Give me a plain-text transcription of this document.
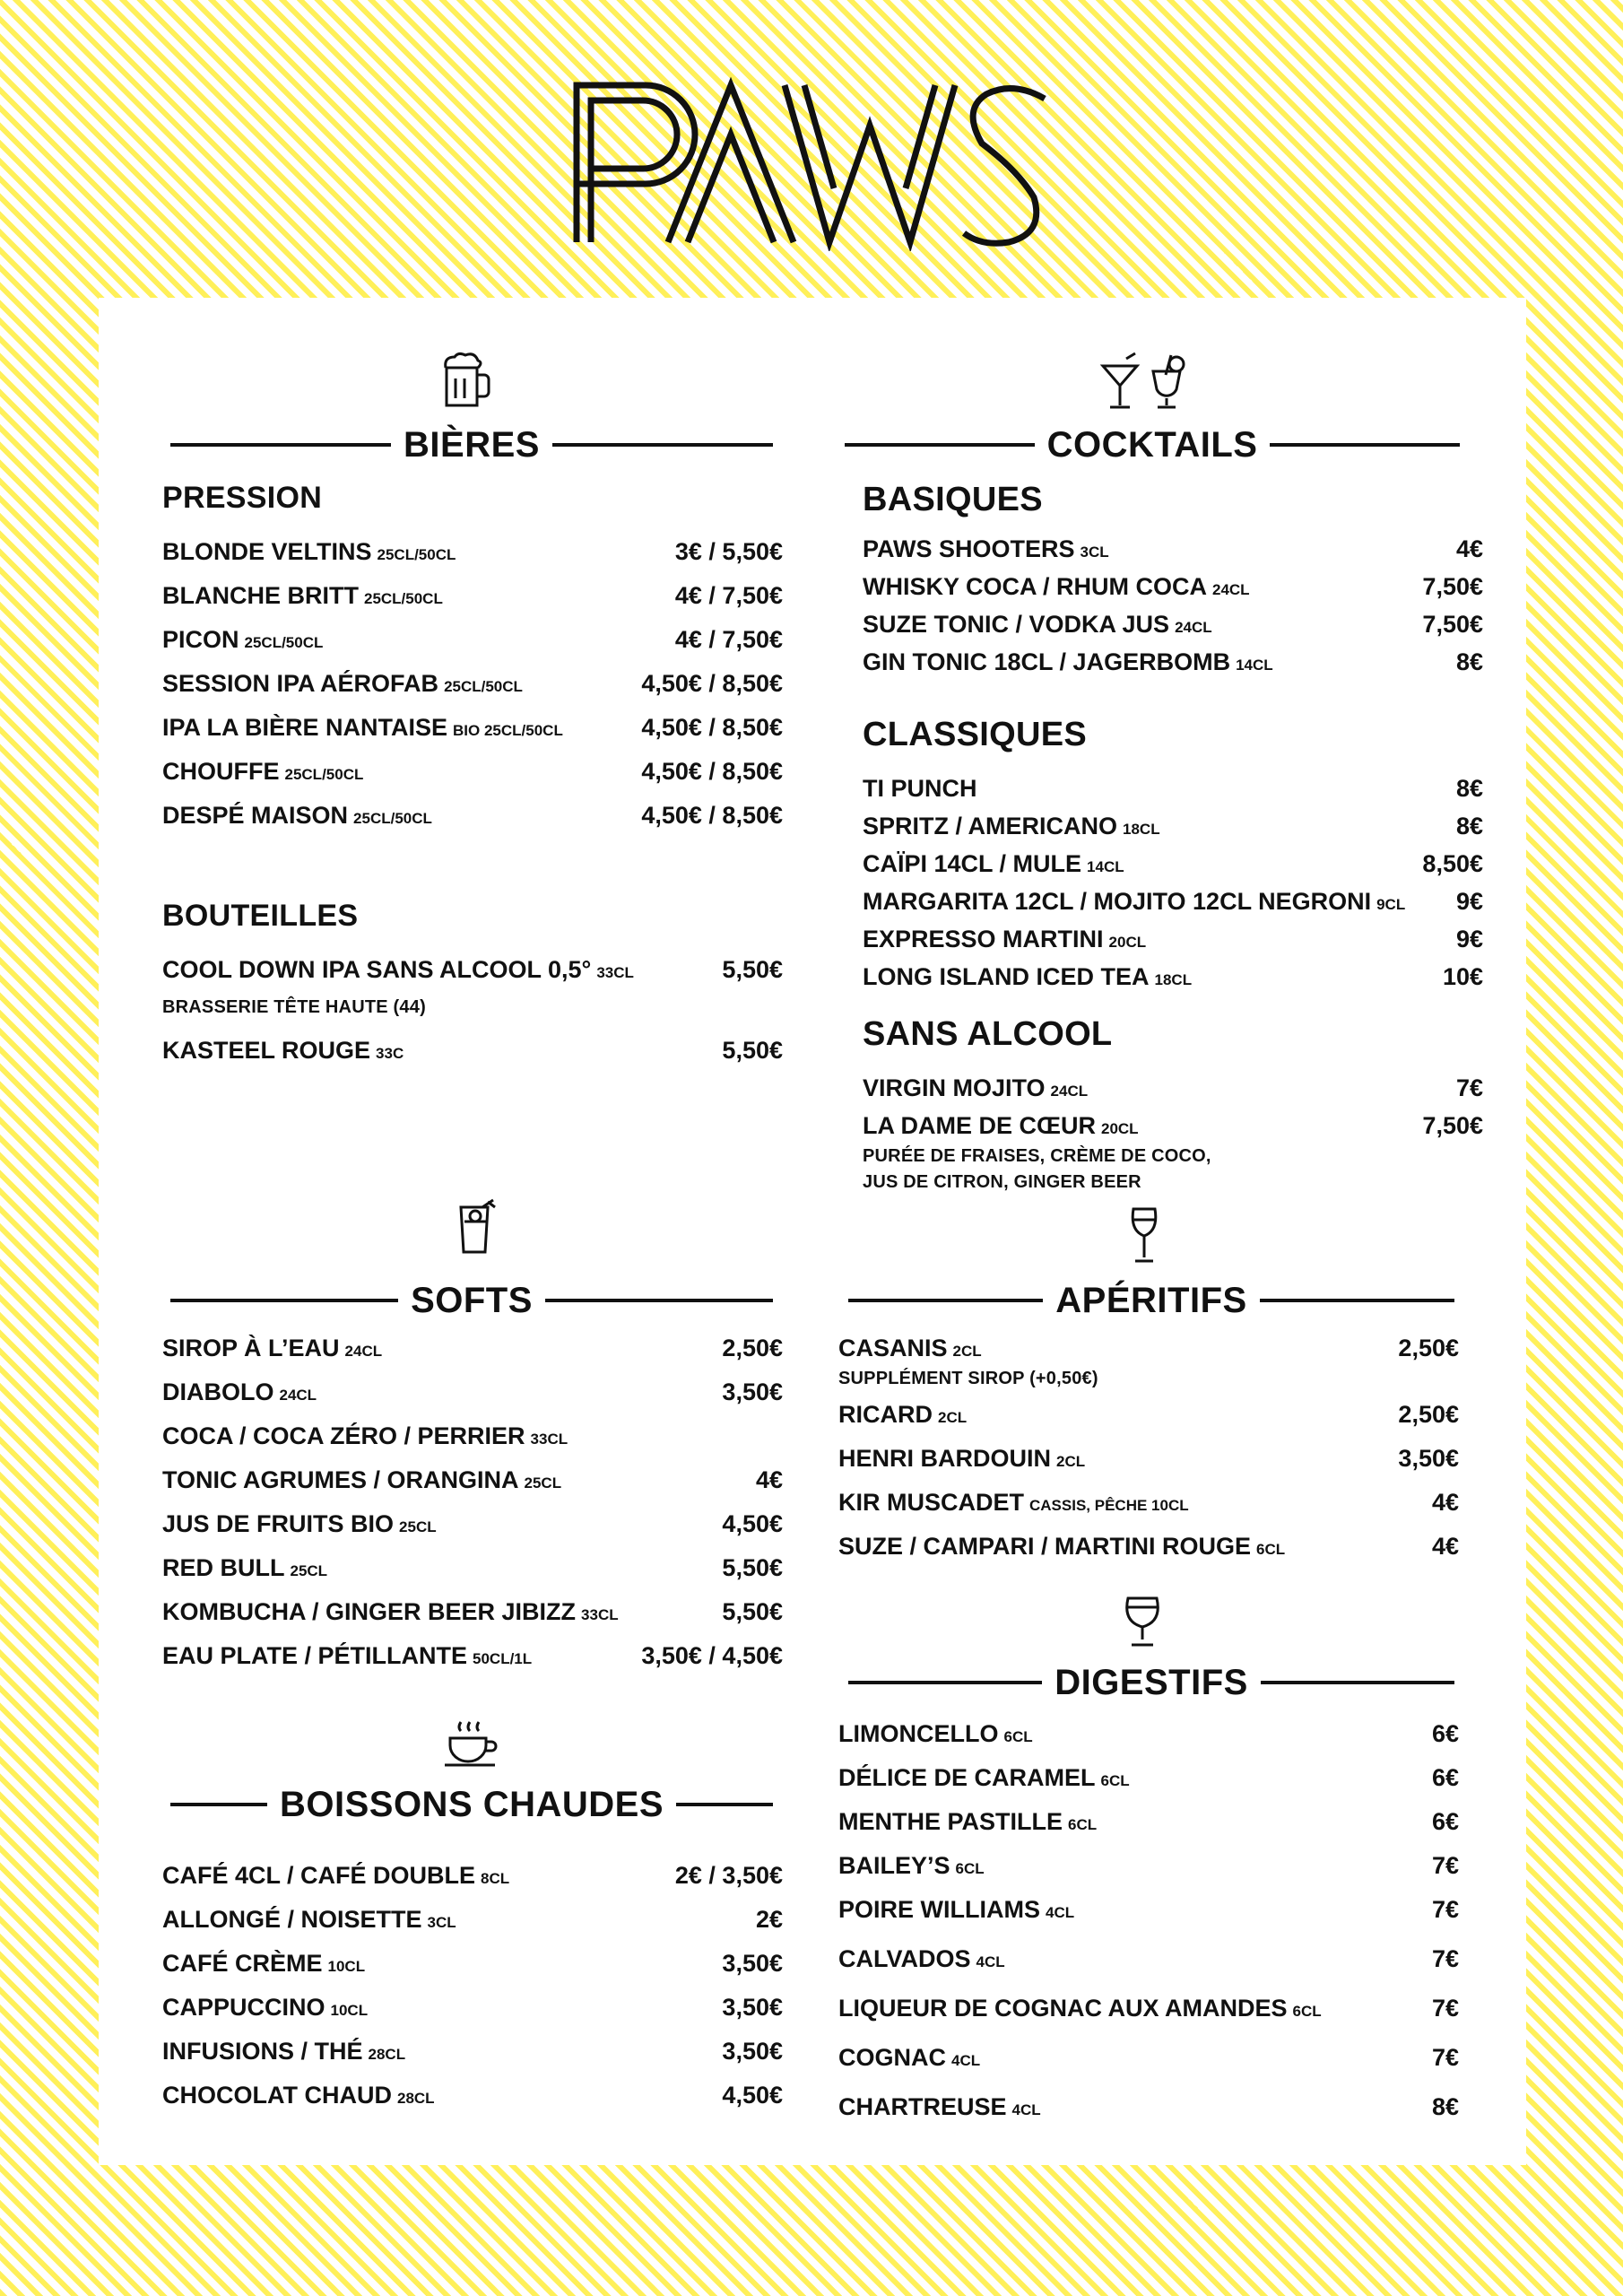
BIÈRES
PRESSION
BLONDE VELTINS 25CL/50CL	3€ / 5,50€
BLANCHE BRITT 25CL/50CL	4€ / 7,50€
PICON 25CL/50CL	4€ / 7,50€
SESSION IPA AÉROFAB 25CL/50CL	4,50€ / 8,50€
IPA LA BIÈRE NANTAISE BIO 25CL/50CL	4,50€ / 8,50€
CHOUFFE 25CL/50CL	4,50€ / 8,50€
DESPÉ MAISON 25CL/50CL	4,50€ / 8,50€
BOUTEILLES
COOL DOWN IPA SANS ALCOOL 0,5° 33CL	5,50€
BRASSERIE TÊTE HAUTE (44)
KASTEEL ROUGE 33C	5,50€
COCKTAILS
BASIQUES
PAWS SHOOTERS 3CL	4€
WHISKY COCA / RHUM COCA 24CL	7,50€
SUZE TONIC / VODKA JUS 24CL	7,50€
GIN TONIC 18CL / JAGERBOMB 14CL	8€
CLASSIQUES
TI PUNCH	8€
SPRITZ / AMERICANO 18CL	8€
CAÏPI 14CL / MULE 14CL	8,50€
MARGARITA 12CL / MOJITO 12CL NEGRONI 9CL 9€
EXPRESSO MARTINI 20CL	9€
LONG ISLAND ICED TEA 18CL	10€
SANS ALCOOL
VIRGIN MOJITO 24CL	7€
LA DAME DE CŒUR 20CL	7,50€
PURÉE DE FRAISES, CRÈME DE COCO,
JUS DE CITRON, GINGER BEER
SOFTS
SIROP À L’EAU 24CL	2,50€
DIABOLO 24CL	3,50€
COCA / COCA ZÉRO / PERRIER 33CL
TONIC AGRUMES / ORANGINA 25CL	4€
JUS DE FRUITS BIO 25CL	4,50€
RED BULL 25CL	5,50€
KOMBUCHA / GINGER BEER JIBIZZ 33CL	5,50€
EAU PLATE / PÉTILLANTE 50CL/1L	3,50€ / 4,50€
APÉRITIFS
CASANIS 2CL	2,50€
SUPPLÉMENT SIROP (+0,50€)
RICARD 2CL	2,50€
HENRI BARDOUIN 2CL	3,50€
KIR MUSCADET CASSIS, PÊCHE 10CL	4€
SUZE / CAMPARI / MARTINI ROUGE 6CL	4€
BOISSONS CHAUDES
CAFÉ 4CL / CAFÉ DOUBLE 8CL	2€ / 3,50€
ALLONGÉ / NOISETTE 3CL	2€
CAFÉ CRÈME 10CL	3,50€
CAPPUCCINO 10CL	3,50€
INFUSIONS / THÉ 28CL	3,50€
CHOCOLAT CHAUD 28CL	4,50€
DIGESTIFS
LIMONCELLO 6CL	6€
DÉLICE DE CARAMEL 6CL	6€
MENTHE PASTILLE 6CL	6€
BAILEY’S 6CL	7€
POIRE WILLIAMS 4CL	7€
CALVADOS 4CL	7€
LIQUEUR DE COGNAC AUX AMANDES 6CL	7€
COGNAC 4CL	7€
CHARTREUSE 4CL	8€
